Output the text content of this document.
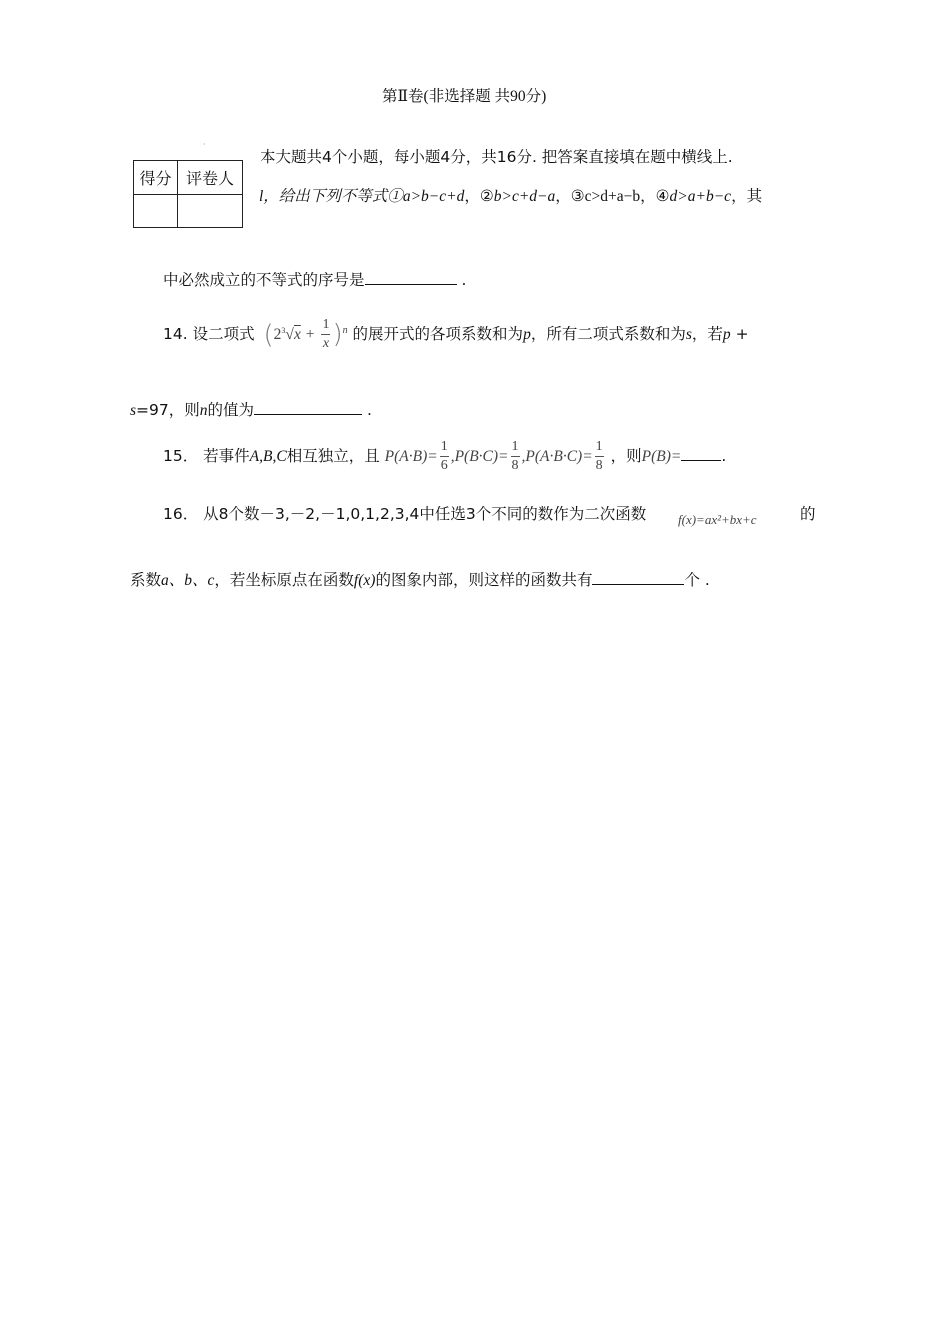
第Ⅱ卷(非选择题 共90分)
·
得分	评卷人

本大题共4个小题，每小题4分，共16分. 把答案直接填在题中横线上.
l，给出下列不等式①a>b−c+d，②b>c+d−a，③c>d+a−b，④d>a+b−c，其
中必然成立的不等式的序号是	.
14. 设二项式 $(2^3√x + \frac{1}{x} )^n$ 的展开式的各项系数和为p，所有二项式系数和为s，若p +
s=97，则n的值为	.
15． 若事件A,B,C相互独立，且 $P(A\cdot B)= \frac{1}{6} ,P(B\cdot C)= \frac{1}{8} ,P(A\cdot B\cdot C)= \frac{1}{8}$ ，则P(B)=	.
16． 从8个数－3,－2,－1,0,1,2,3,4中任选3个不同的数作为二次函数 f(x)=ax²+bx+c	的
系数a、b、c，若坐标原点在函数f(x)的图象内部，则这样的函数共有	个 .
